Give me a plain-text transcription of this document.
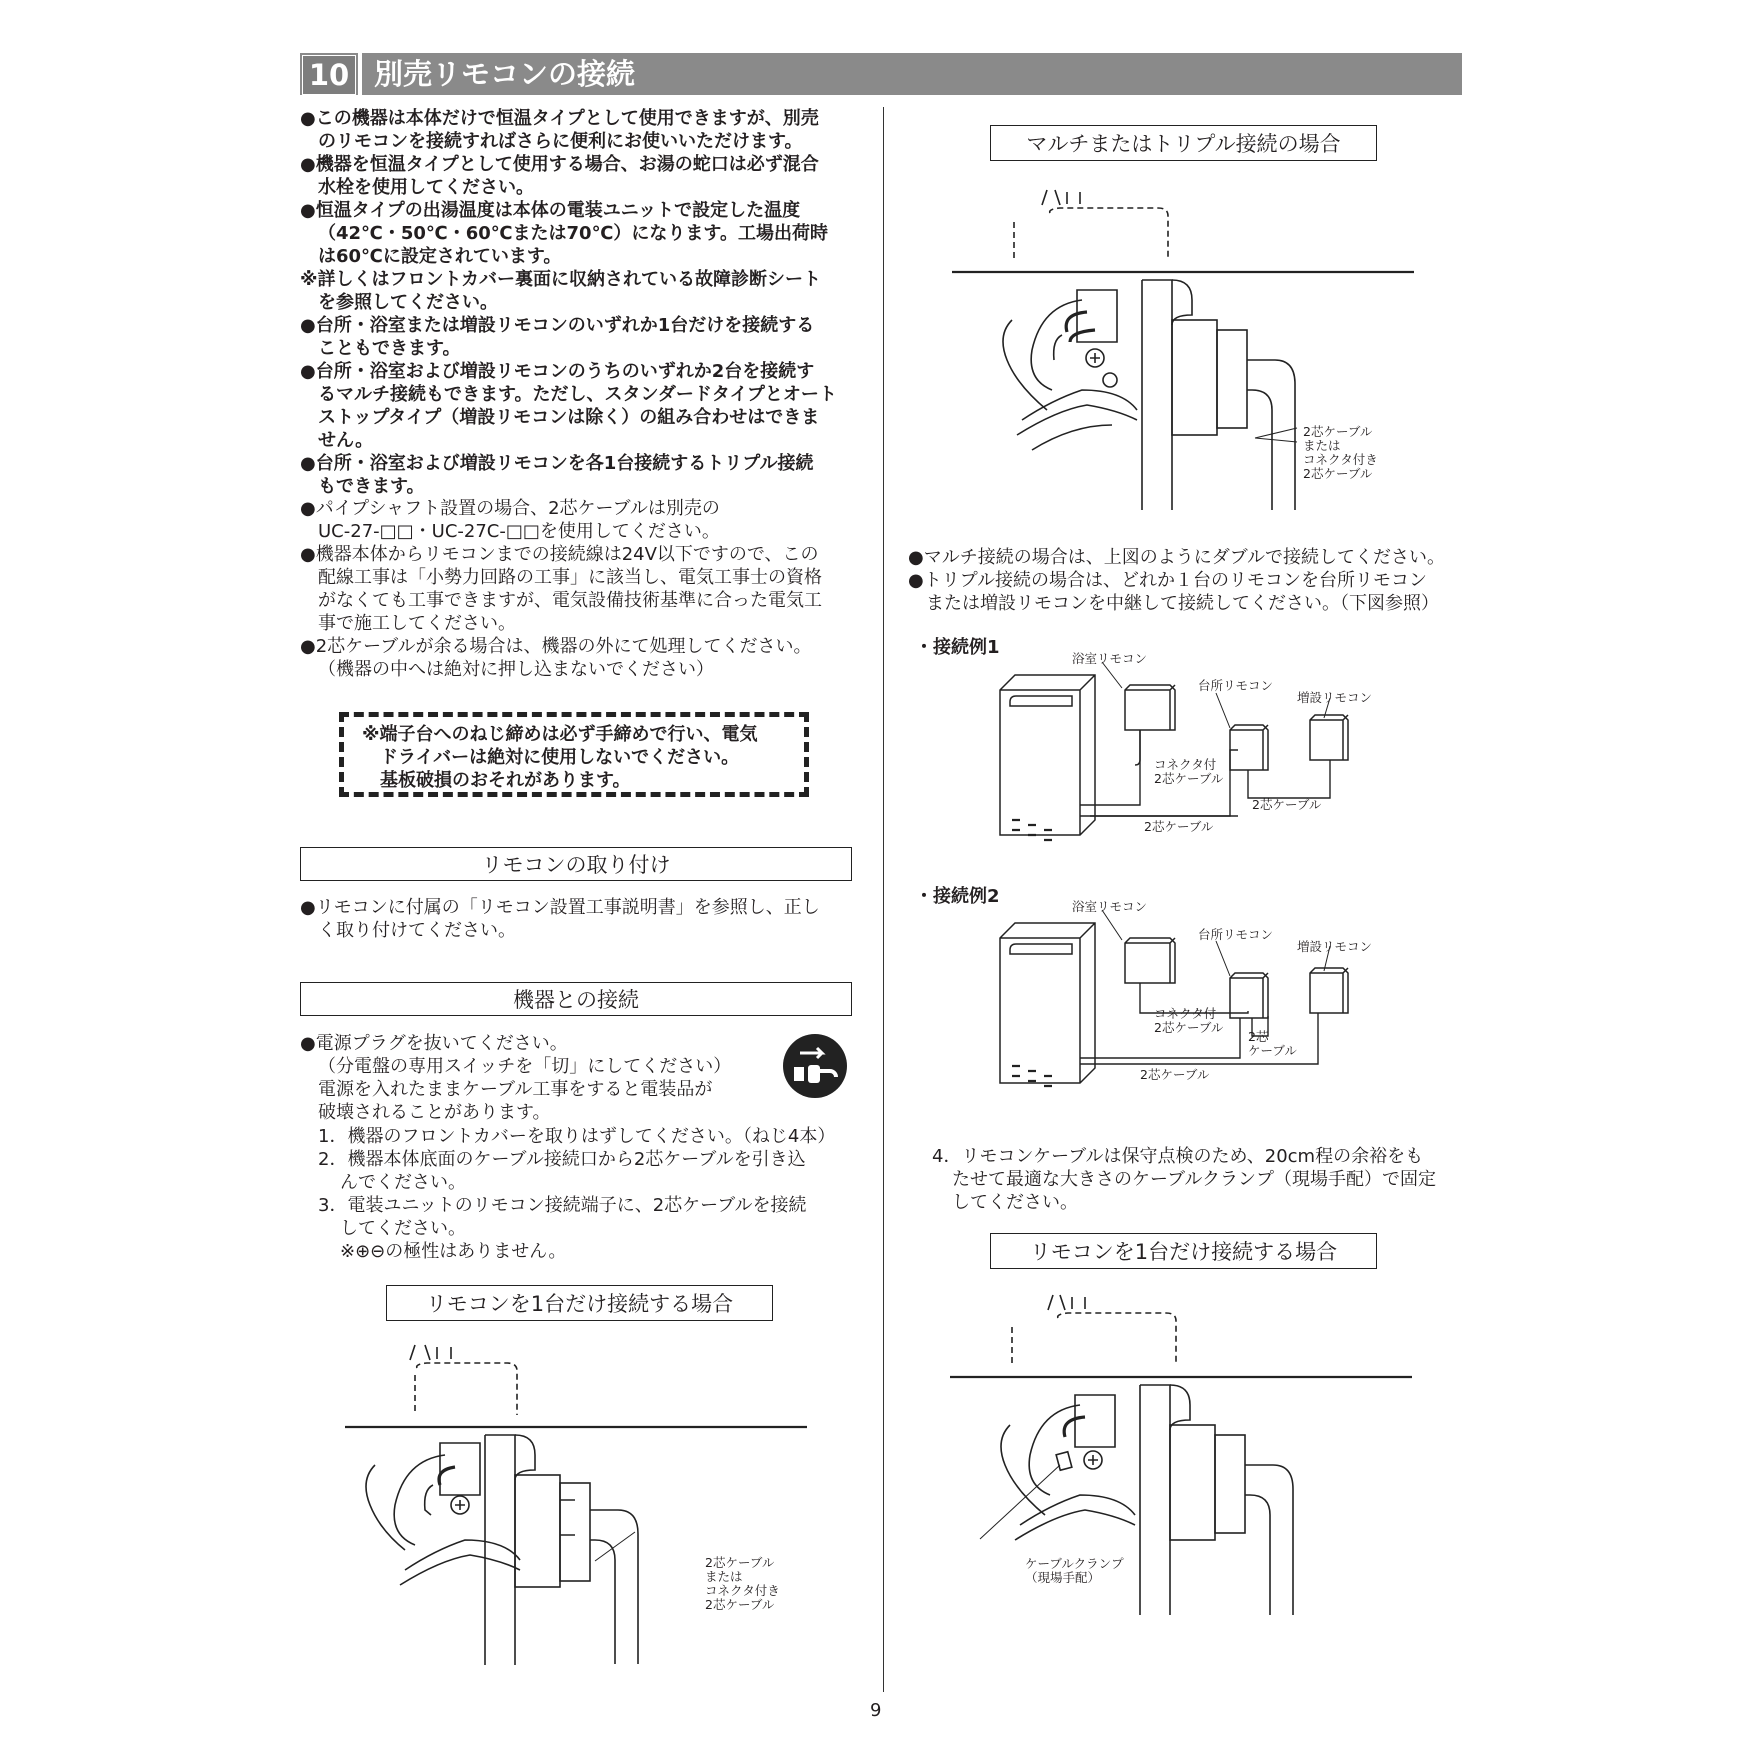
10 別売リモコンの接続
●この機器は本体だけで恒温タイプとして使用できますが、別売
のリモコンを接続すればさらに便利にお使いいただけます。
●機器を恒温タイプとして使用する場合、お湯の蛇口は必ず混合
水栓を使用してください。
●恒温タイプの出湯温度は本体の電装ユニットで設定した温度
（42℃・50℃・60℃または70℃）になります。工場出荷時
は60℃に設定されています。
※詳しくはフロントカバー裏面に収納されている故障診断シート
を参照してください。
●台所・浴室または増設リモコンのいずれか1台だけを接続する
こともできます。
●台所・浴室および増設リモコンのうちのいずれか2台を接続す
るマルチ接続もできます。ただし、スタンダードタイプとオート
ストップタイプ（増設リモコンは除く）の組み合わせはできま
せん。
●台所・浴室および増設リモコンを各1台接続するトリプル接続
もできます。
●パイプシャフト設置の場合、2芯ケーブルは別売の
UC-27-□□・UC-27C-□□を使用してください。
●機器本体からリモコンまでの接続線は24V以下ですので、この
配線工事は「小勢力回路の工事」に該当し、電気工事士の資格
がなくても工事できますが、電気設備技術基準に合った電気工
事で施工してください。
●2芯ケーブルが余る場合は、機器の外にて処理してください。
（機器の中へは絶対に押し込まないでください）
※端子台へのねじ締めは必ず手締めで行い、電気
ドライバーは絶対に使用しないでください。
基板破損のおそれがあります。
リモコンの取り付け
●リモコンに付属の「リモコン設置工事説明書」を参照し、正し
く取り付けてください。
機器との接続
●電源プラグを抜いてください。
（分電盤の専用スイッチを「切」にしてください）
電源を入れたままケーブル工事をすると電装品が
破壊されることがあります。
1．機器のフロントカバーを取りはずしてください。（ねじ4本）
2．機器本体底面のケーブル接続口から2芯ケーブルを引き込
んでください。
3．電装ユニットのリモコン接続端子に、2芯ケーブルを接続
してください。
※⊕⊖の極性はありません。
リモコンを1台だけ接続する場合
2芯ケーブル
または
コネクタ付き
2芯ケーブル
マルチまたはトリプル接続の場合
2芯ケーブル
または
コネクタ付き
2芯ケーブル
●マルチ接続の場合は、上図のようにダブルで接続してください。
●トリプル接続の場合は、どれか１台のリモコンを台所リモコン
または増設リモコンを中継して接続してください。（下図参照）
・接続例1
浴室リモコン
台所リモコン
増設リモコン
コネクタ付
2芯ケーブル
2芯ケーブル
2芯ケーブル
・接続例2	浴室リモコン
台所リモコン
増設リモコン
コネクタ付
2芯ケーブル
2芯
ケーブル
2芯ケーブル
4．リモコンケーブルは保守点検のため、20cm程の余裕をも
たせて最適な大きさのケーブルクランプ（現場手配）で固定
してください。
リモコンを1台だけ接続する場合
ケーブルクランプ
（現場手配）
9
